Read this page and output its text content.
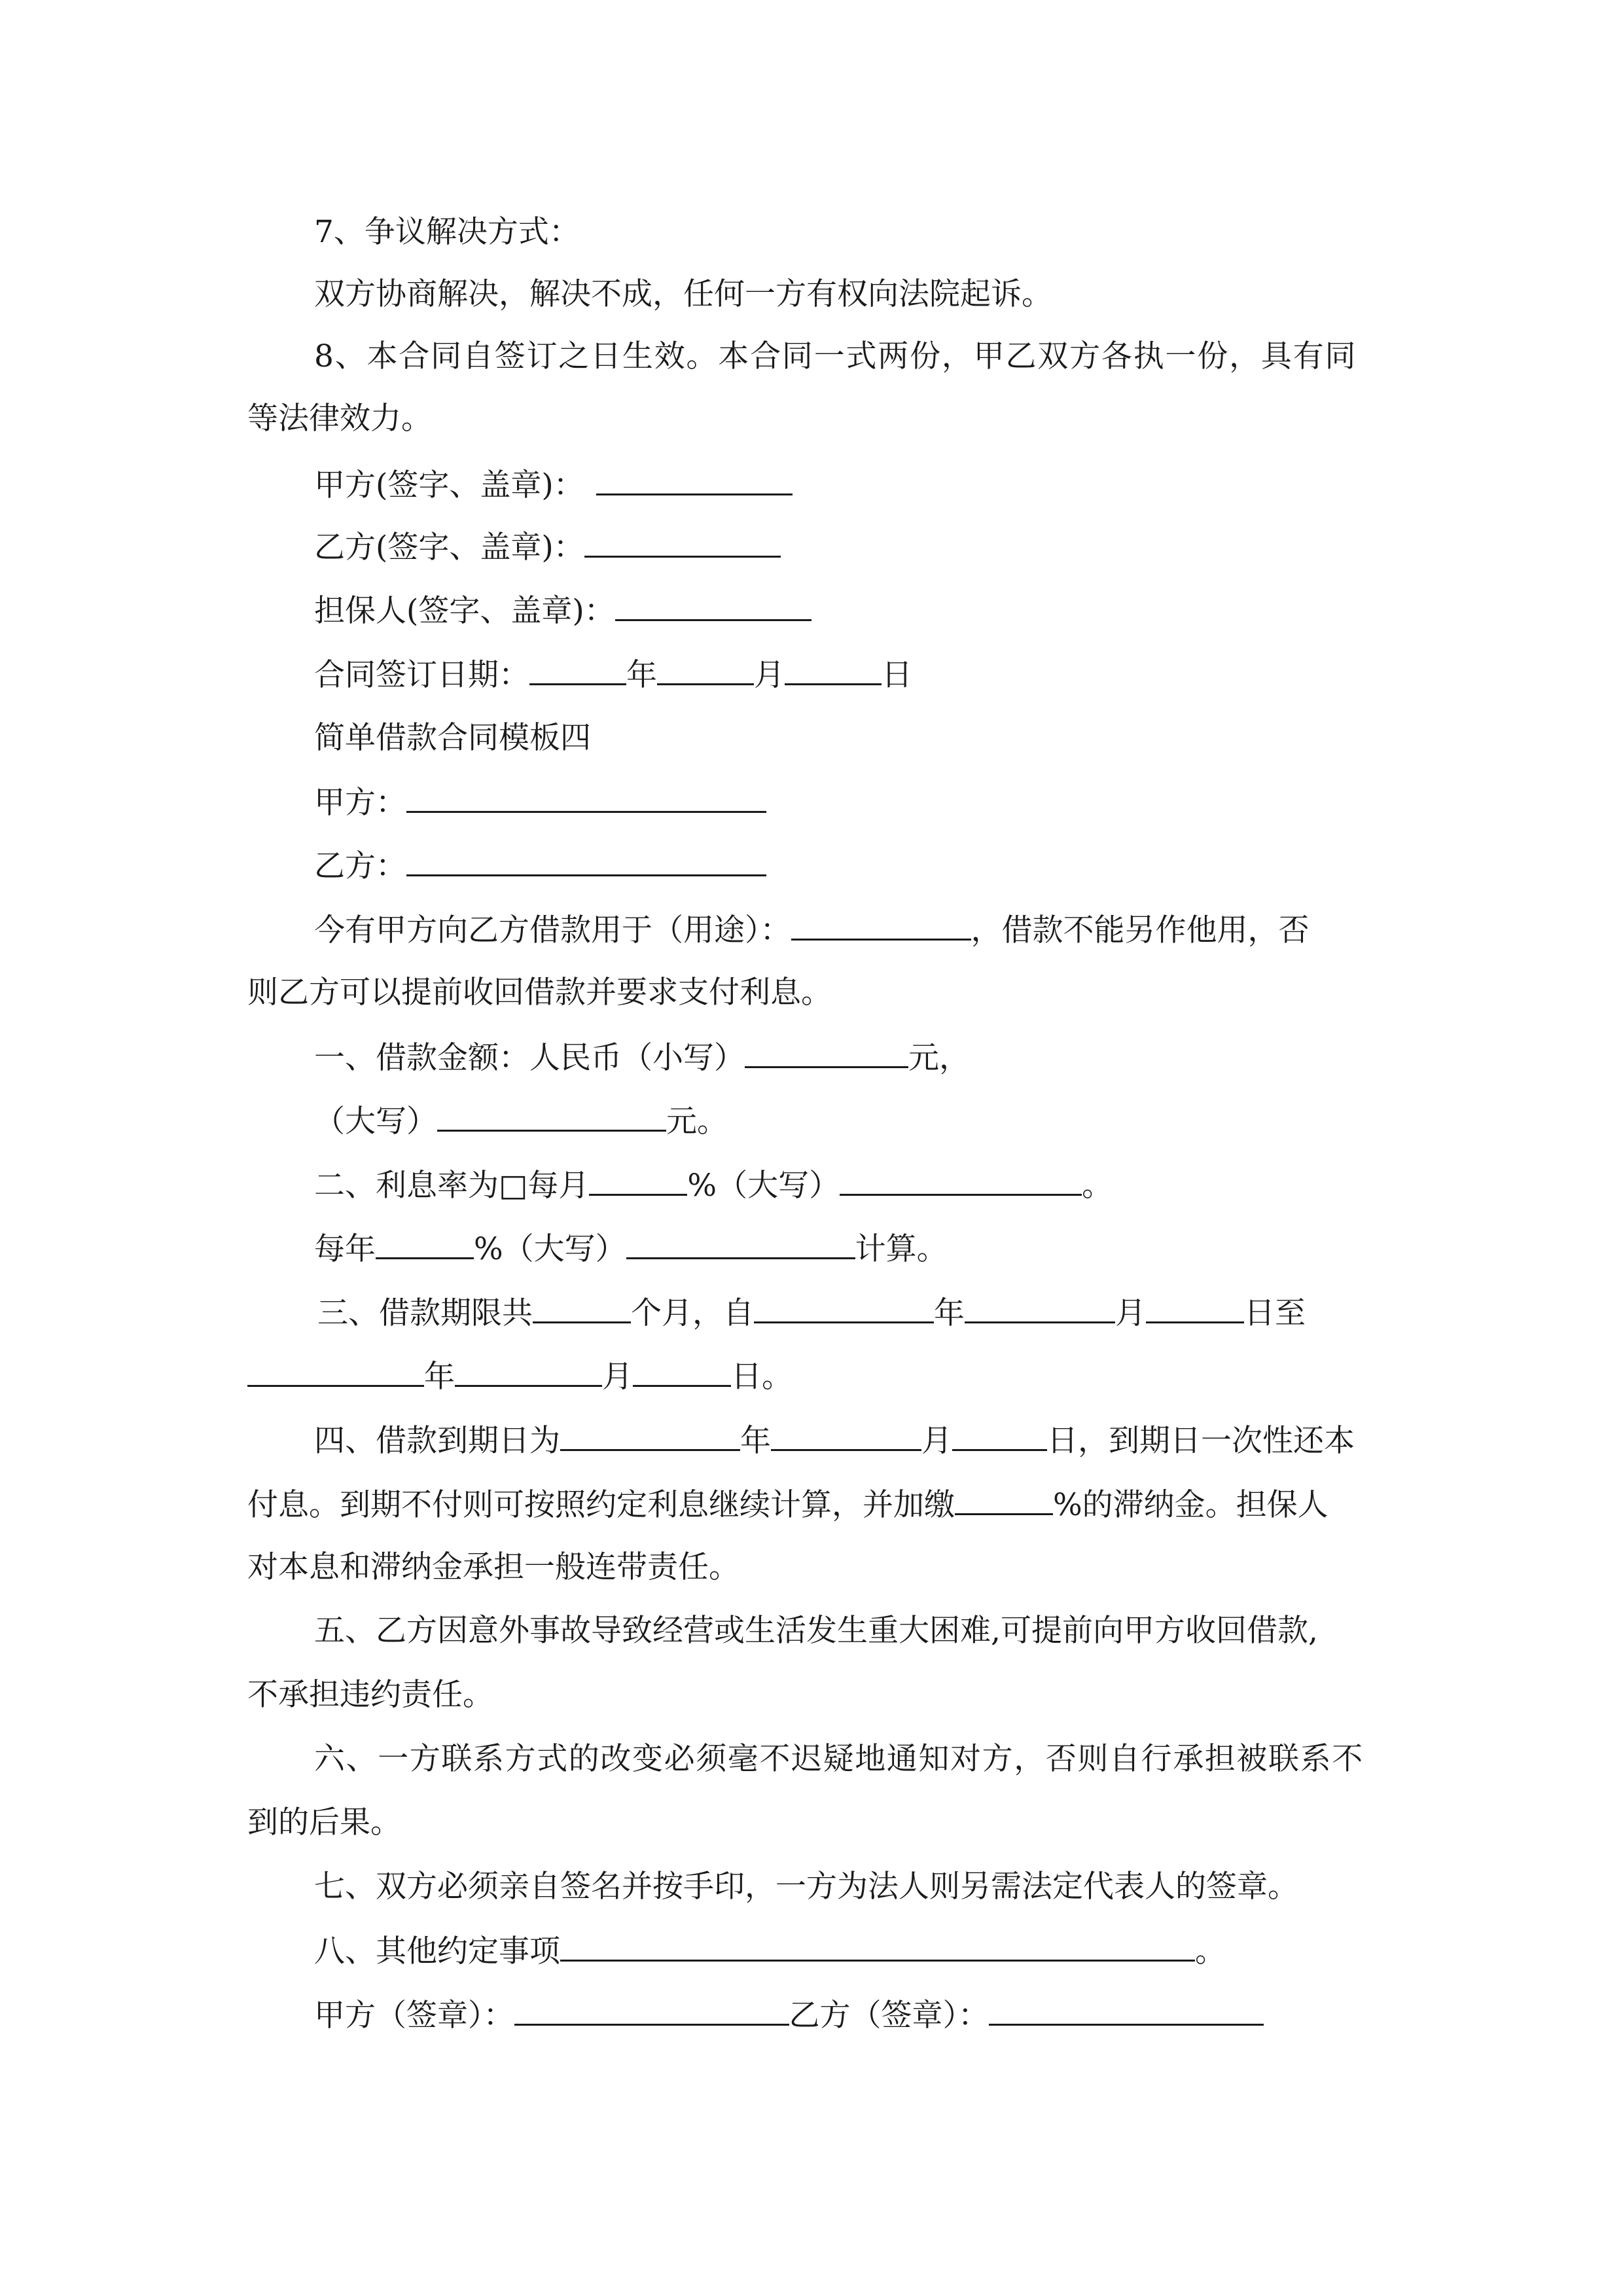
7、争议解决方式：
双方协商解决，解决不成，任何一方有权向法院起诉。
8、本合同自签订之日生效。本合同一式两份，甲乙双方各执一份，具有同
等法律效力。
甲方(签字、盖章)：
乙方(签字、盖章)：
担保人(签字、盖章)：
合同签订日期：	年	月	日
简单借款合同模板四
甲方：
乙方：
今有甲方向乙方借款用于（用途）：	，借款不能另作他用，否
则乙方可以提前收回借款并要求支付利息。
一、借款金额：人民币（小写）	元，
（大写）	元。
二、利息率为□每月	%（大写）	。
每年	%（大写）	计算。
三、借款期限共	个月，自	年	月	日至
年	月	日。
四、借款到期日为	年	月	日，到期日一次性还本
付息。到期不付则可按照约定利息继续计算，并加缴	%的滞纳金。担保人
对本息和滞纳金承担一般连带责任。
五、乙方因意外事故导致经营或生活发生重大困难,可提前向甲方收回借款,
不承担违约责任。
六、一方联系方式的改变必须毫不迟疑地通知对方，否则自行承担被联系不
到的后果。
七、双方必须亲自签名并按手印，一方为法人则另需法定代表人的签章。
八、其他约定事项	。
甲方（签章）：	乙方（签章）：
